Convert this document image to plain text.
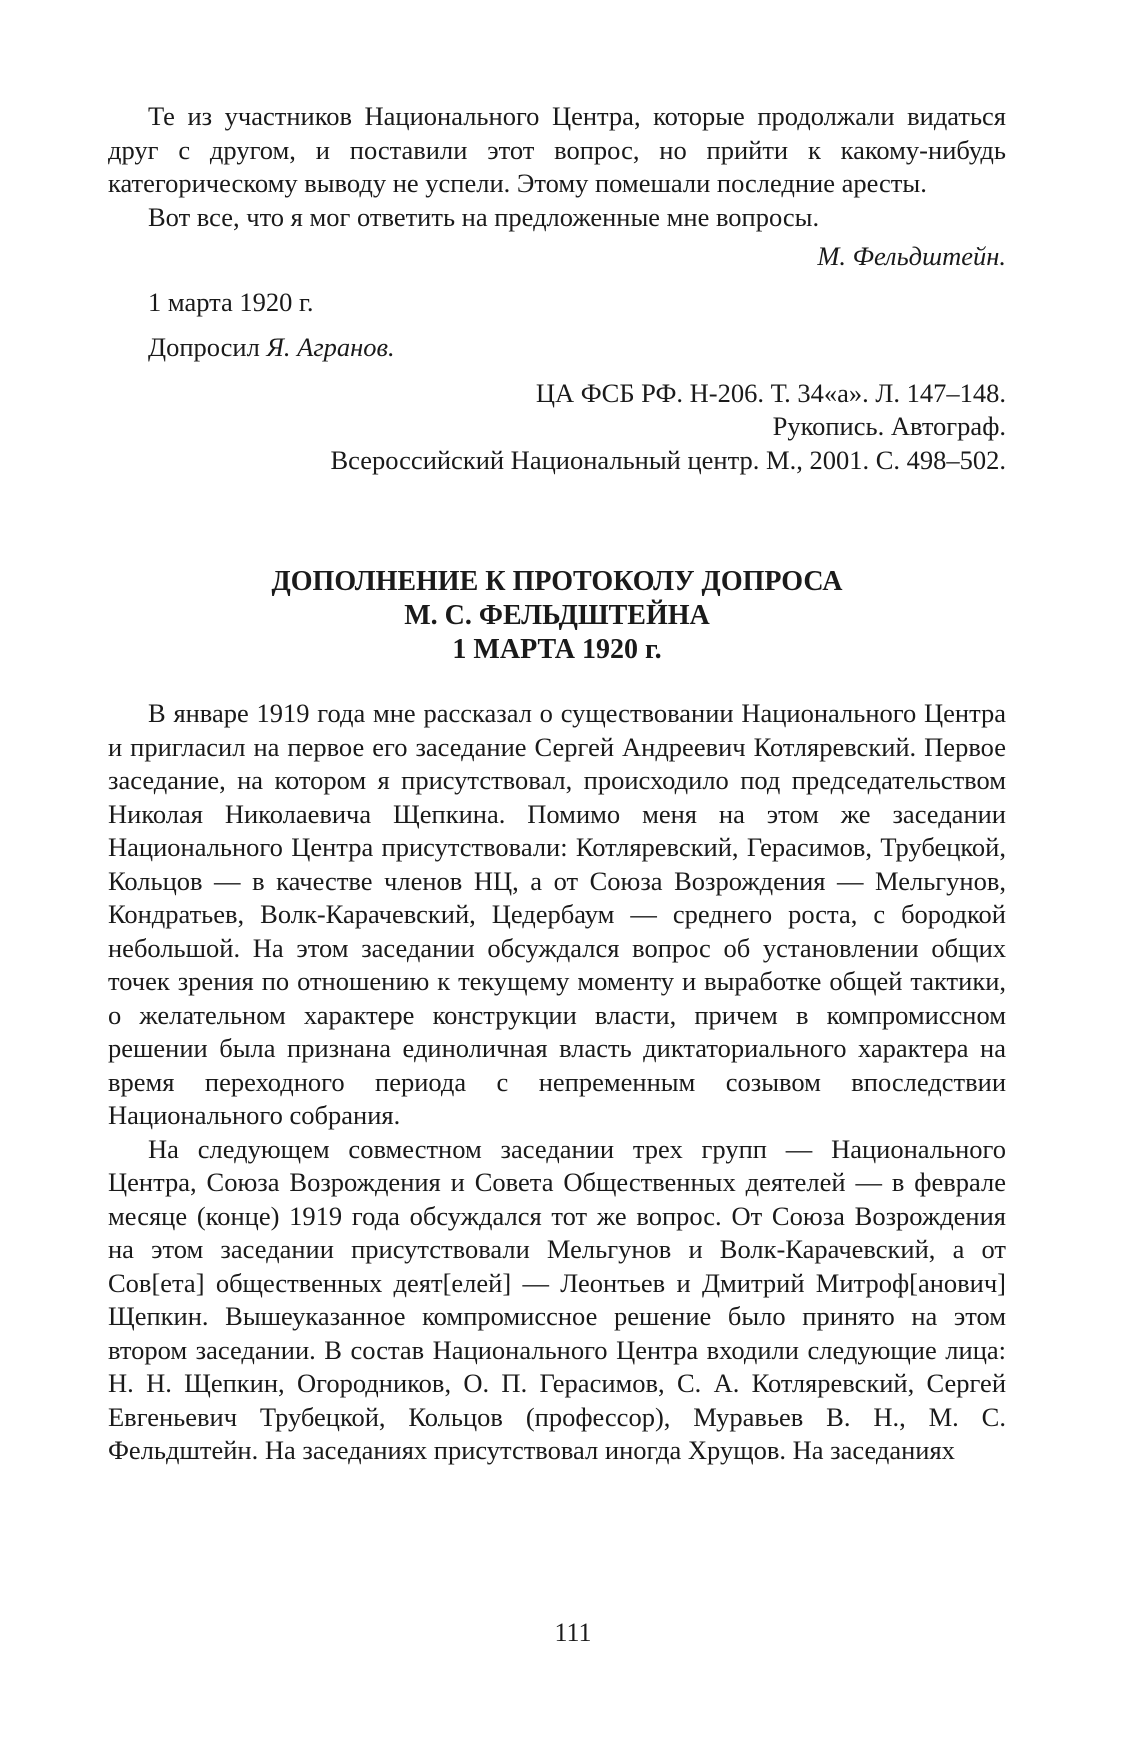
Те из участников Национального Центра, которые продолжали видаться друг с другом, и поставили этот вопрос, но прийти к какому-нибудь категорическому выводу не успели. Этому помешали последние аресты.

Вот все, что я мог ответить на предложенные мне вопросы.

М. Фельдштейн.

1 марта 1920 г.

Допросил Я. Агранов.

ЦА ФСБ РФ. Н-206. Т. 34«а». Л. 147–148.

Рукопись. Автограф.

Всероссийский Национальный центр. М., 2001. С. 498–502.

ДОПОЛНЕНИЕ К ПРОТОКОЛУ ДОПРОСА
М. С. ФЕЛЬДШТЕЙНА
1 МАРТА 1920 г.

В январе 1919 года мне рассказал о существовании Национального Центра и пригласил на первое его заседание Сергей Андреевич Котляревский. Первое заседание, на котором я присутствовал, происходило под председательством Николая Николаевича Щепкина. Помимо меня на этом же заседании Национального Центра присутствовали: Котляревский, Герасимов, Трубецкой, Кольцов — в качестве членов НЦ, а от Союза Возрождения — Мельгунов, Кондратьев, Волк-Карачевский, Цедербаум — среднего роста, с бородкой небольшой. На этом заседании обсуждался вопрос об установлении общих точек зрения по отношению к текущему моменту и выработке общей тактики, о желательном характере конструкции власти, причем в компромиссном решении была признана единоличная власть диктаториального характера на время переходного периода с непременным созывом впоследствии Национального собрания.

На следующем совместном заседании трех групп — Национального Центра, Союза Возрождения и Совета Общественных деятелей — в феврале месяце (конце) 1919 года обсуждался тот же вопрос. От Союза Возрождения на этом заседании присутствовали Мельгунов и Волк-Карачевский, а от Сов[ета] общественных деят[елей] — Леонтьев и Дмитрий Митроф[анович] Щепкин. Вышеуказанное компромиссное решение было принято на этом втором заседании. В состав Национального Центра входили следующие лица: Н. Н. Щепкин, Огородников, О. П. Герасимов, С. А. Котляревский, Сергей Евгеньевич Трубецкой, Кольцов (профессор), Муравьев В. Н., М. С. Фельдштейн. На заседаниях присутствовал иногда Хрущов. На заседаниях

111
